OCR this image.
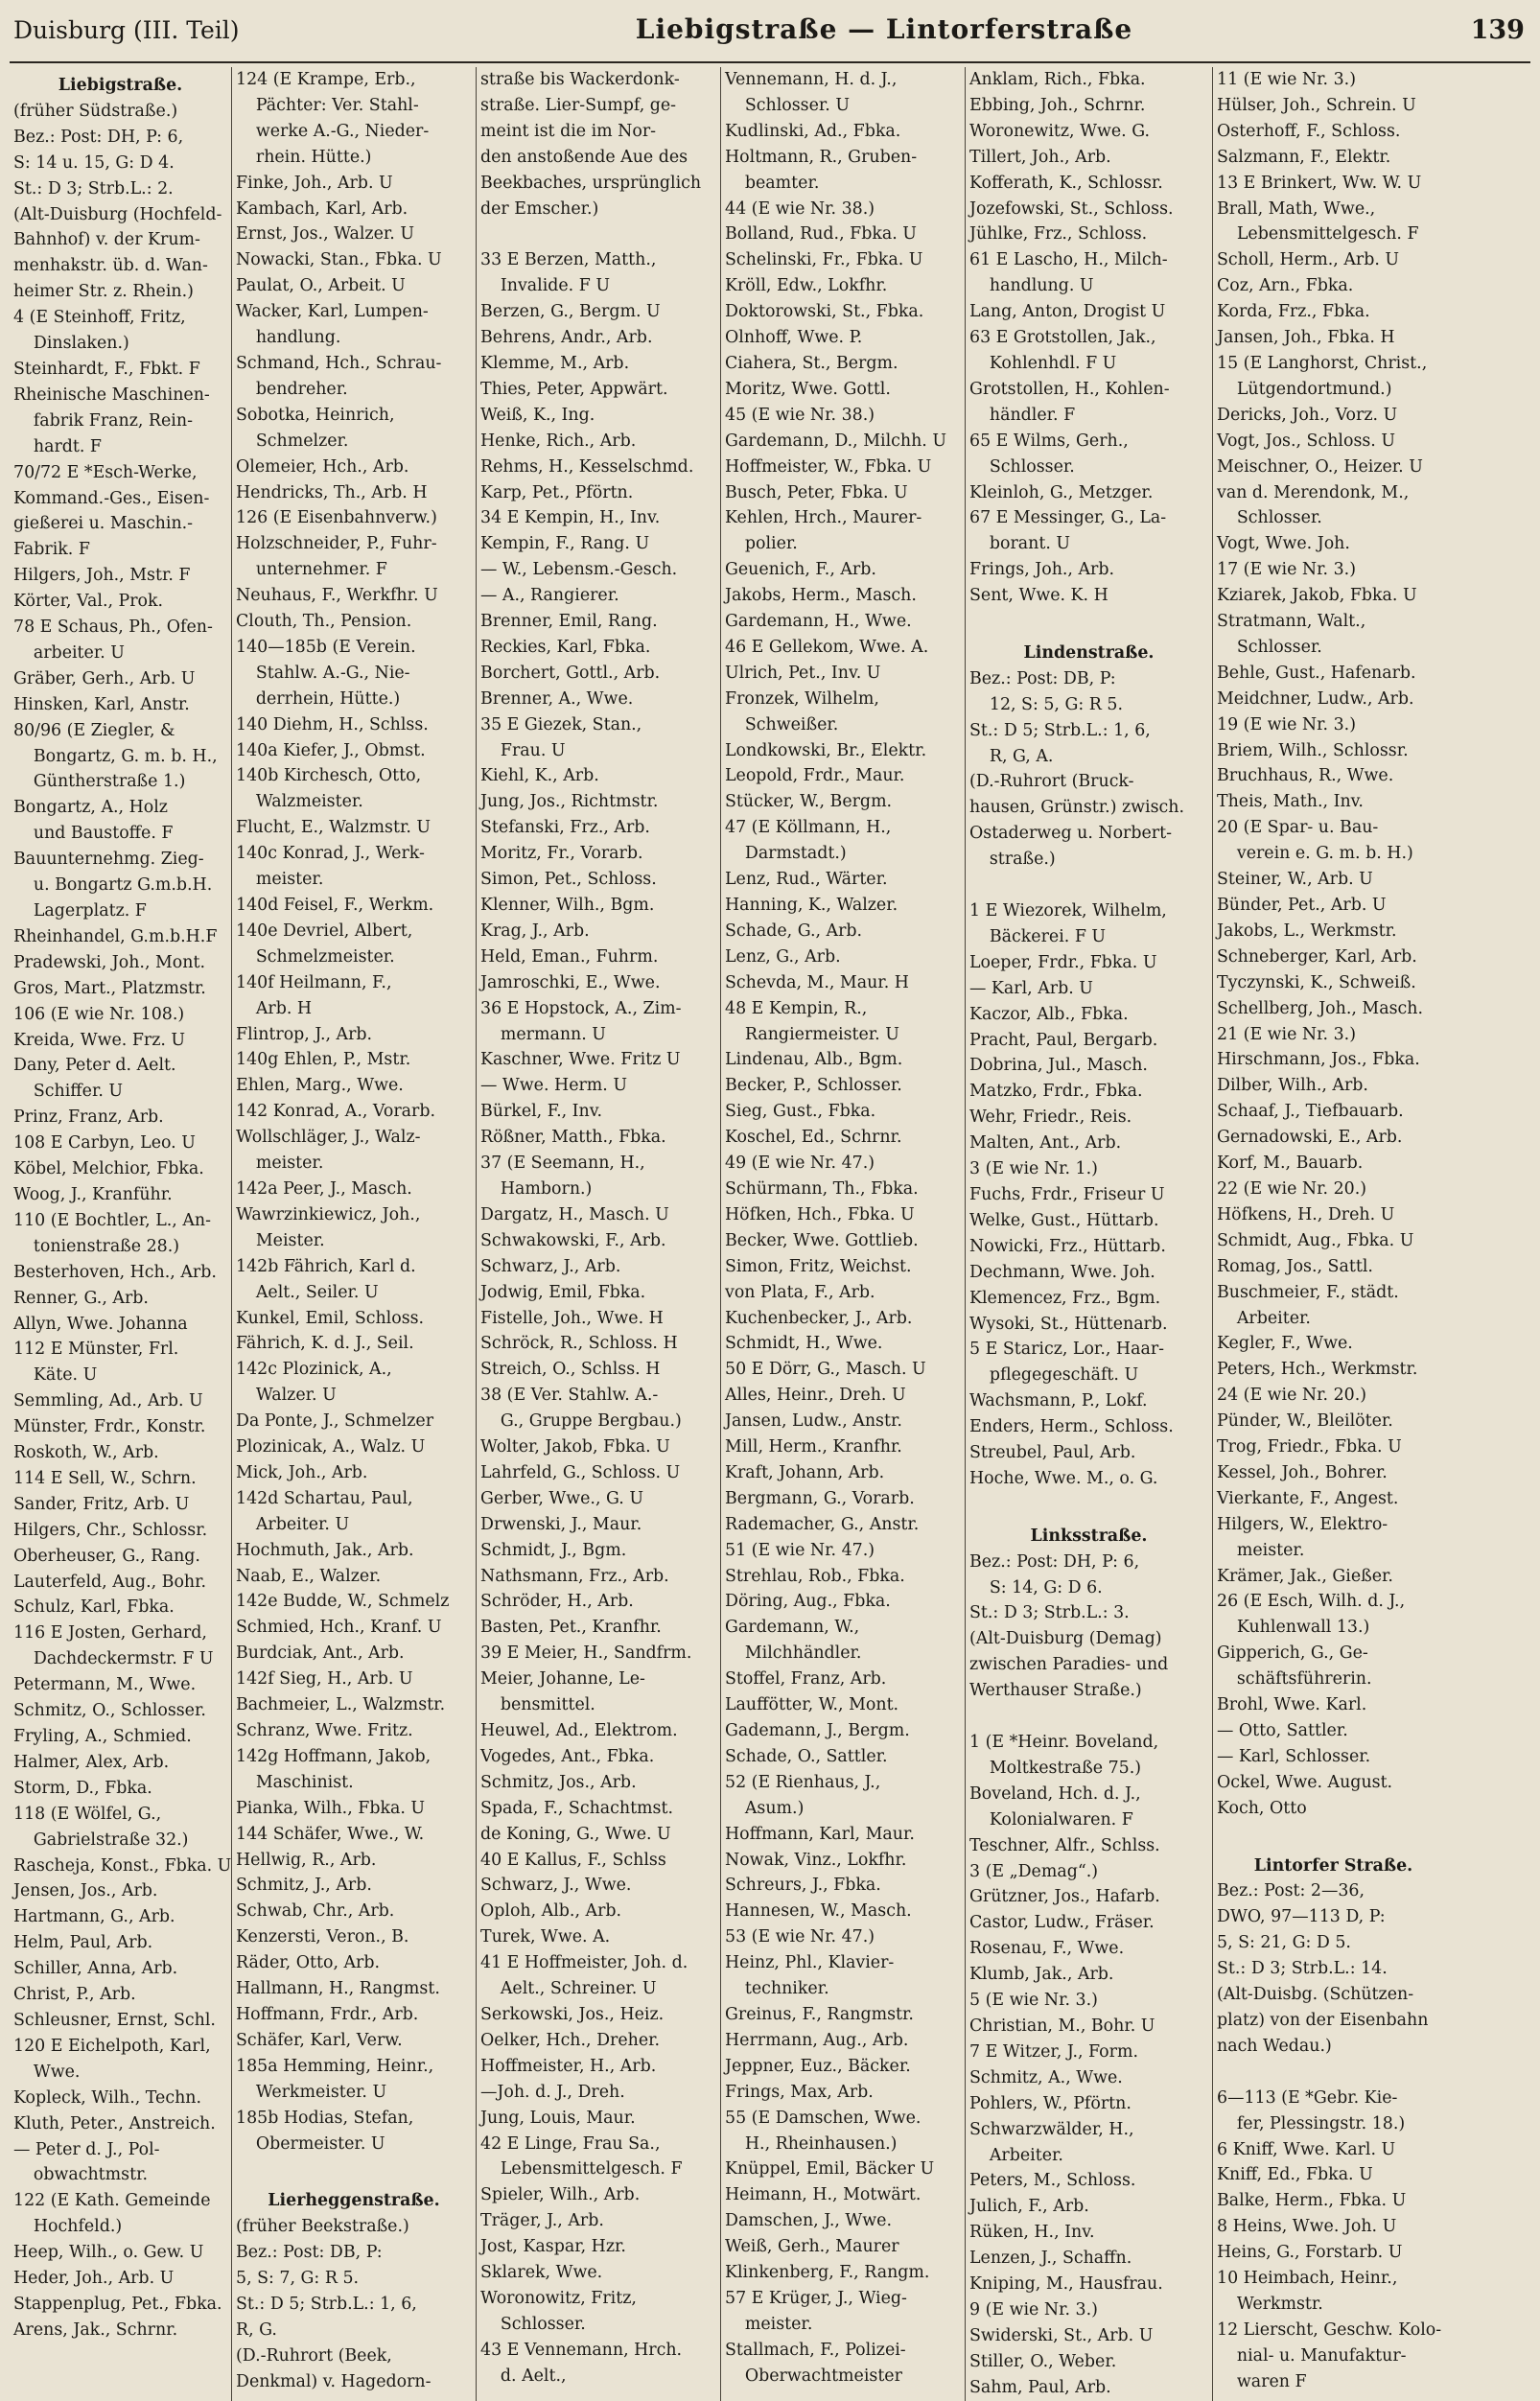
Duisburg (III. Teil)	Liebigstraße — Lintorferstraße	139
Liebigstraße.
(früher Südstraße.)
Bez.: Post: DH, P: 6,
S: 14 u. 15, G: D 4.
St.: D 3; Strb.L.: 2.
(Alt-Duisburg (Hochfeld-
Bahnhof) v. der Krum-
menhakstr. üb. d. Wan-
heimer Str. z. Rhein.)
4 (E Steinhoff, Fritz,
Dinslaken.)
Steinhardt, F., Fbkt. F
Rheinische Maschinen-
fabrik Franz, Rein-
hardt. F
70/72 E *Esch-Werke,
Kommand.-Ges., Eisen-
gießerei u. Maschin.-
Fabrik. F
Hilgers, Joh., Mstr. F
Körter, Val., Prok.
78 E Schaus, Ph., Ofen-
arbeiter. U
Gräber, Gerh., Arb. U
Hinsken, Karl, Anstr.
80/96 (E Ziegler, &
Bongartz, G. m. b. H.,
Güntherstraße 1.)
Bongartz, A., Holz
und Baustoffe. F
Bauunternehmg. Zieg-
u. Bongartz G.m.b.H.
Lagerplatz. F
Rheinhandel, G.m.b.H.F
Pradewski, Joh., Mont.
Gros, Mart., Platzmstr.
106 (E wie Nr. 108.)
Kreida, Wwe. Frz. U
Dany, Peter d. Aelt.
Schiffer. U
Prinz, Franz, Arb.
108 E Carbyn, Leo. U
Köbel, Melchior, Fbka.
Woog, J., Kranführ.
110 (E Bochtler, L., An-
tonienstraße 28.)
Besterhoven, Hch., Arb.
Renner, G., Arb.
Allyn, Wwe. Johanna
112 E Münster, Frl.
Käte. U
Semmling, Ad., Arb. U
Münster, Frdr., Konstr.
Roskoth, W., Arb.
114 E Sell, W., Schrn.
Sander, Fritz, Arb. U
Hilgers, Chr., Schlossr.
Oberheuser, G., Rang.
Lauterfeld, Aug., Bohr.
Schulz, Karl, Fbka.
116 E Josten, Gerhard,
Dachdeckermstr. F U
Petermann, M., Wwe.
Schmitz, O., Schlosser.
Fryling, A., Schmied.
Halmer, Alex, Arb.
Storm, D., Fbka.
118 (E Wölfel, G.,
Gabrielstraße 32.)
Rascheja, Konst., Fbka. U
Jensen, Jos., Arb.
Hartmann, G., Arb.
Helm, Paul, Arb.
Schiller, Anna, Arb.
Christ, P., Arb.
Schleusner, Ernst, Schl.
120 E Eichelpoth, Karl,
Wwe.
Kopleck, Wilh., Techn.
Kluth, Peter., Anstreich.
— Peter d. J., Pol-
obwachtmstr.
122 (E Kath. Gemeinde
Hochfeld.)
Heep, Wilh., o. Gew. U
Heder, Joh., Arb. U
Stappenplug, Pet., Fbka.
Arens, Jak., Schrnr.
124 (E Krampe, Erb.,
Pächter: Ver. Stahl-
werke A.-G., Nieder-
rhein. Hütte.)
Finke, Joh., Arb. U
Kambach, Karl, Arb.
Ernst, Jos., Walzer. U
Nowacki, Stan., Fbka. U
Paulat, O., Arbeit. U
Wacker, Karl, Lumpen-
handlung.
Schmand, Hch., Schrau-
bendreher.
Sobotka, Heinrich,
Schmelzer.
Olemeier, Hch., Arb.
Hendricks, Th., Arb. H
126 (E Eisenbahnverw.)
Holzschneider, P., Fuhr-
unternehmer. F
Neuhaus, F., Werkfhr. U
Clouth, Th., Pension.
140—185b (E Verein.
Stahlw. A.-G., Nie-
derrhein, Hütte.)
140 Diehm, H., Schlss.
140a Kiefer, J., Obmst.
140b Kirchesch, Otto,
Walzmeister.
Flucht, E., Walzmstr. U
140c Konrad, J., Werk-
meister.
140d Feisel, F., Werkm.
140e Devriel, Albert,
Schmelzmeister.
140f Heilmann, F.,
Arb. H
Flintrop, J., Arb.
140g Ehlen, P., Mstr.
Ehlen, Marg., Wwe.
142 Konrad, A., Vorarb.
Wollschläger, J., Walz-
meister.
142a Peer, J., Masch.
Wawrzinkiewicz, Joh.,
Meister.
142b Fährich, Karl d.
Aelt., Seiler. U
Kunkel, Emil, Schloss.
Fährich, K. d. J., Seil.
142c Plozinick, A.,
Walzer. U
Da Ponte, J., Schmelzer
Plozinicak, A., Walz. U
Mick, Joh., Arb.
142d Schartau, Paul,
Arbeiter. U
Hochmuth, Jak., Arb.
Naab, E., Walzer.
142e Budde, W., Schmelz
Schmied, Hch., Kranf. U
Burdciak, Ant., Arb.
142f Sieg, H., Arb. U
Bachmeier, L., Walzmstr.
Schranz, Wwe. Fritz.
142g Hoffmann, Jakob,
Maschinist.
Pianka, Wilh., Fbka. U
144 Schäfer, Wwe., W.
Hellwig, R., Arb.
Schmitz, J., Arb.
Schwab, Chr., Arb.
Kenzersti, Veron., B.
Räder, Otto, Arb.
Hallmann, H., Rangmst.
Hoffmann, Frdr., Arb.
Schäfer, Karl, Verw.
185a Hemming, Heinr.,
Werkmeister. U
185b Hodias, Stefan,
Obermeister. U

Lierheggenstraße.
(früher Beekstraße.)
Bez.: Post: DB, P:
5, S: 7, G: R 5.
St.: D 5; Strb.L.: 1, 6,
R, G.
(D.-Ruhrort (Beek,
Denkmal) v. Hagedorn-
straße bis Wackerdonk-
straße. Lier-Sumpf, ge-
meint ist die im Nor-
den anstoßende Aue des
Beekbaches, ursprünglich
der Emscher.)

33 E Berzen, Matth.,
Invalide. F U
Berzen, G., Bergm. U
Behrens, Andr., Arb.
Klemme, M., Arb.
Thies, Peter, Appwärt.
Weiß, K., Ing.
Henke, Rich., Arb.
Rehms, H., Kesselschmd.
Karp, Pet., Pförtn.
34 E Kempin, H., Inv.
Kempin, F., Rang. U
— W., Lebensm.-Gesch.
— A., Rangierer.
Brenner, Emil, Rang.
Reckies, Karl, Fbka.
Borchert, Gottl., Arb.
Brenner, A., Wwe.
35 E Giezek, Stan.,
Frau. U
Kiehl, K., Arb.
Jung, Jos., Richtmstr.
Stefanski, Frz., Arb.
Moritz, Fr., Vorarb.
Simon, Pet., Schloss.
Klenner, Wilh., Bgm.
Krag, J., Arb.
Held, Eman., Fuhrm.
Jamroschki, E., Wwe.
36 E Hopstock, A., Zim-
mermann. U
Kaschner, Wwe. Fritz U
— Wwe. Herm. U
Bürkel, F., Inv.
Rößner, Matth., Fbka.
37 (E Seemann, H.,
Hamborn.)
Dargatz, H., Masch. U
Schwakowski, F., Arb.
Schwarz, J., Arb.
Jodwig, Emil, Fbka.
Fistelle, Joh., Wwe. H
Schröck, R., Schloss. H
Streich, O., Schlss. H
38 (E Ver. Stahlw. A.-
G., Gruppe Bergbau.)
Wolter, Jakob, Fbka. U
Lahrfeld, G., Schloss. U
Gerber, Wwe., G. U
Drwenski, J., Maur.
Schmidt, J., Bgm.
Nathsmann, Frz., Arb.
Schröder, H., Arb.
Basten, Pet., Kranfhr.
39 E Meier, H., Sandfrm.
Meier, Johanne, Le-
bensmittel.
Heuwel, Ad., Elektrom.
Vogedes, Ant., Fbka.
Schmitz, Jos., Arb.
Spada, F., Schachtmst.
de Koning, G., Wwe. U
40 E Kallus, F., Schlss
Schwarz, J., Wwe.
Oploh, Alb., Arb.
Turek, Wwe. A.
41 E Hoffmeister, Joh. d.
Aelt., Schreiner. U
Serkowski, Jos., Heiz.
Oelker, Hch., Dreher.
Hoffmeister, H., Arb.
—Joh. d. J., Dreh.
Jung, Louis, Maur.
42 E Linge, Frau Sa.,
Lebensmittelgesch. F
Spieler, Wilh., Arb.
Träger, J., Arb.
Jost, Kaspar, Hzr.
Sklarek, Wwe.
Woronowitz, Fritz,
Schlosser.
43 E Vennemann, Hrch.
d. Aelt.,
Vennemann, H. d. J.,
Schlosser. U
Kudlinski, Ad., Fbka.
Holtmann, R., Gruben-
beamter.
44 (E wie Nr. 38.)
Bolland, Rud., Fbka. U
Schelinski, Fr., Fbka. U
Kröll, Edw., Lokfhr.
Doktorowski, St., Fbka.
Olnhoff, Wwe. P.
Ciahera, St., Bergm.
Moritz, Wwe. Gottl.
45 (E wie Nr. 38.)
Gardemann, D., Milchh. U
Hoffmeister, W., Fbka. U
Busch, Peter, Fbka. U
Kehlen, Hrch., Maurer-
polier.
Geuenich, F., Arb.
Jakobs, Herm., Masch.
Gardemann, H., Wwe.
46 E Gellekom, Wwe. A.
Ulrich, Pet., Inv. U
Fronzek, Wilhelm,
Schweißer.
Londkowski, Br., Elektr.
Leopold, Frdr., Maur.
Stücker, W., Bergm.
47 (E Köllmann, H.,
Darmstadt.)
Lenz, Rud., Wärter.
Hanning, K., Walzer.
Schade, G., Arb.
Lenz, G., Arb.
Schevda, M., Maur. H
48 E Kempin, R.,
Rangiermeister. U
Lindenau, Alb., Bgm.
Becker, P., Schlosser.
Sieg, Gust., Fbka.
Koschel, Ed., Schrnr.
49 (E wie Nr. 47.)
Schürmann, Th., Fbka.
Höfken, Hch., Fbka. U
Becker, Wwe. Gottlieb.
Simon, Fritz, Weichst.
von Plata, F., Arb.
Kuchenbecker, J., Arb.
Schmidt, H., Wwe.
50 E Dörr, G., Masch. U
Alles, Heinr., Dreh. U
Jansen, Ludw., Anstr.
Mill, Herm., Kranfhr.
Kraft, Johann, Arb.
Bergmann, G., Vorarb.
Rademacher, G., Anstr.
51 (E wie Nr. 47.)
Strehlau, Rob., Fbka.
Döring, Aug., Fbka.
Gardemann, W.,
Milchhändler.
Stoffel, Franz, Arb.
Lauffötter, W., Mont.
Gademann, J., Bergm.
Schade, O., Sattler.
52 (E Rienhaus, J.,
Asum.)
Hoffmann, Karl, Maur.
Nowak, Vinz., Lokfhr.
Schreurs, J., Fbka.
Hannesen, W., Masch.
53 (E wie Nr. 47.)
Heinz, Phl., Klavier-
techniker.
Greinus, F., Rangmstr.
Herrmann, Aug., Arb.
Jeppner, Euz., Bäcker.
Frings, Max, Arb.
55 (E Damschen, Wwe.
H., Rheinhausen.)
Knüppel, Emil, Bäcker U
Heimann, H., Motwärt.
Damschen, J., Wwe.
Weiß, Gerh., Maurer
Klinkenberg, F., Rangm.
57 E Krüger, J., Wieg-
meister.
Stallmach, F., Polizei-
Oberwachtmeister
Anklam, Rich., Fbka.
Ebbing, Joh., Schrnr.
Woronewitz, Wwe. G.
Tillert, Joh., Arb.
Kofferath, K., Schlossr.
Jozefowski, St., Schloss.
Jühlke, Frz., Schloss.
61 E Lascho, H., Milch-
handlung. U
Lang, Anton, Drogist U
63 E Grotstollen, Jak.,
Kohlenhdl. F U
Grotstollen, H., Kohlen-
händler. F
65 E Wilms, Gerh.,
Schlosser.
Kleinloh, G., Metzger.
67 E Messinger, G., La-
borant. U
Frings, Joh., Arb.
Sent, Wwe. K. H

Lindenstraße.
Bez.: Post: DB, P:
12, S: 5, G: R 5.
St.: D 5; Strb.L.: 1, 6,
R, G, A.
(D.-Ruhrort (Bruck-
hausen, Grünstr.) zwisch.
Ostaderweg u. Norbert-
straße.)

1 E Wiezorek, Wilhelm,
Bäckerei. F U
Loeper, Frdr., Fbka. U
— Karl, Arb. U
Kaczor, Alb., Fbka.
Pracht, Paul, Bergarb.
Dobrina, Jul., Masch.
Matzko, Frdr., Fbka.
Wehr, Friedr., Reis.
Malten, Ant., Arb.
3 (E wie Nr. 1.)
Fuchs, Frdr., Friseur U
Welke, Gust., Hüttarb.
Nowicki, Frz., Hüttarb.
Dechmann, Wwe. Joh.
Klemencez, Frz., Bgm.
Wysoki, St., Hüttenarb.
5 E Staricz, Lor., Haar-
pflegegeschäft. U
Wachsmann, P., Lokf.
Enders, Herm., Schloss.
Streubel, Paul, Arb.
Hoche, Wwe. M., o. G.

Linksstraße.
Bez.: Post: DH, P: 6,
S: 14, G: D 6.
St.: D 3; Strb.L.: 3.
(Alt-Duisburg (Demag)
zwischen Paradies- und
Werthauser Straße.)

1 (E *Heinr. Boveland,
Moltkestraße 75.)
Boveland, Hch. d. J.,
Kolonialwaren. F
Teschner, Alfr., Schlss.
3 (E „Demag“.)
Grützner, Jos., Hafarb.
Castor, Ludw., Fräser.
Rosenau, F., Wwe.
Klumb, Jak., Arb.
5 (E wie Nr. 3.)
Christian, M., Bohr. U
7 E Witzer, J., Form.
Schmitz, A., Wwe.
Pohlers, W., Pförtn.
Schwarzwälder, H.,
Arbeiter.
Peters, M., Schloss.
Julich, F., Arb.
Rüken, H., Inv.
Lenzen, J., Schaffn.
Kniping, M., Hausfrau.
9 (E wie Nr. 3.)
Swiderski, St., Arb. U
Stiller, O., Weber.
Sahm, Paul, Arb.
11 (E wie Nr. 3.)
Hülser, Joh., Schrein. U
Osterhoff, F., Schloss.
Salzmann, F., Elektr.
13 E Brinkert, Ww. W. U
Brall, Math, Wwe.,
Lebensmittelgesch. F
Scholl, Herm., Arb. U
Coz, Arn., Fbka.
Korda, Frz., Fbka.
Jansen, Joh., Fbka. H
15 (E Langhorst, Christ.,
Lütgendortmund.)
Dericks, Joh., Vorz. U
Vogt, Jos., Schloss. U
Meischner, O., Heizer. U
van d. Merendonk, M.,
Schlosser.
Vogt, Wwe. Joh.
17 (E wie Nr. 3.)
Kziarek, Jakob, Fbka. U
Stratmann, Walt.,
Schlosser.
Behle, Gust., Hafenarb.
Meidchner, Ludw., Arb.
19 (E wie Nr. 3.)
Briem, Wilh., Schlossr.
Bruchhaus, R., Wwe.
Theis, Math., Inv.
20 (E Spar- u. Bau-
verein e. G. m. b. H.)
Steiner, W., Arb. U
Bünder, Pet., Arb. U
Jakobs, L., Werkmstr.
Schneberger, Karl, Arb.
Tyczynski, K., Schweiß.
Schellberg, Joh., Masch.
21 (E wie Nr. 3.)
Hirschmann, Jos., Fbka.
Dilber, Wilh., Arb.
Schaaf, J., Tiefbauarb.
Gernadowski, E., Arb.
Korf, M., Bauarb.
22 (E wie Nr. 20.)
Höfkens, H., Dreh. U
Schmidt, Aug., Fbka. U
Romag, Jos., Sattl.
Buschmeier, F., städt.
Arbeiter.
Kegler, F., Wwe.
Peters, Hch., Werkmstr.
24 (E wie Nr. 20.)
Pünder, W., Bleilöter.
Trog, Friedr., Fbka. U
Kessel, Joh., Bohrer.
Vierkante, F., Angest.
Hilgers, W., Elektro-
meister.
Krämer, Jak., Gießer.
26 (E Esch, Wilh. d. J.,
Kuhlenwall 13.)
Gipperich, G., Ge-
schäftsführerin.
Brohl, Wwe. Karl.
— Otto, Sattler.
— Karl, Schlosser.
Ockel, Wwe. August.
Koch, Otto

Lintorfer Straße.
Bez.: Post: 2—36,
DWO, 97—113 D, P:
5, S: 21, G: D 5.
St.: D 3; Strb.L.: 14.
(Alt-Duisbg. (Schützen-
platz) von der Eisenbahn
nach Wedau.)

6—113 (E *Gebr. Kie-
fer, Plessingstr. 18.)
6 Kniff, Wwe. Karl. U
Kniff, Ed., Fbka. U
Balke, Herm., Fbka. U
8 Heins, Wwe. Joh. U
Heins, G., Forstarb. U
10 Heimbach, Heinr.,
Werkmstr.
12 Lierscht, Geschw. Kolo-
nial- u. Manufaktur-
waren F
